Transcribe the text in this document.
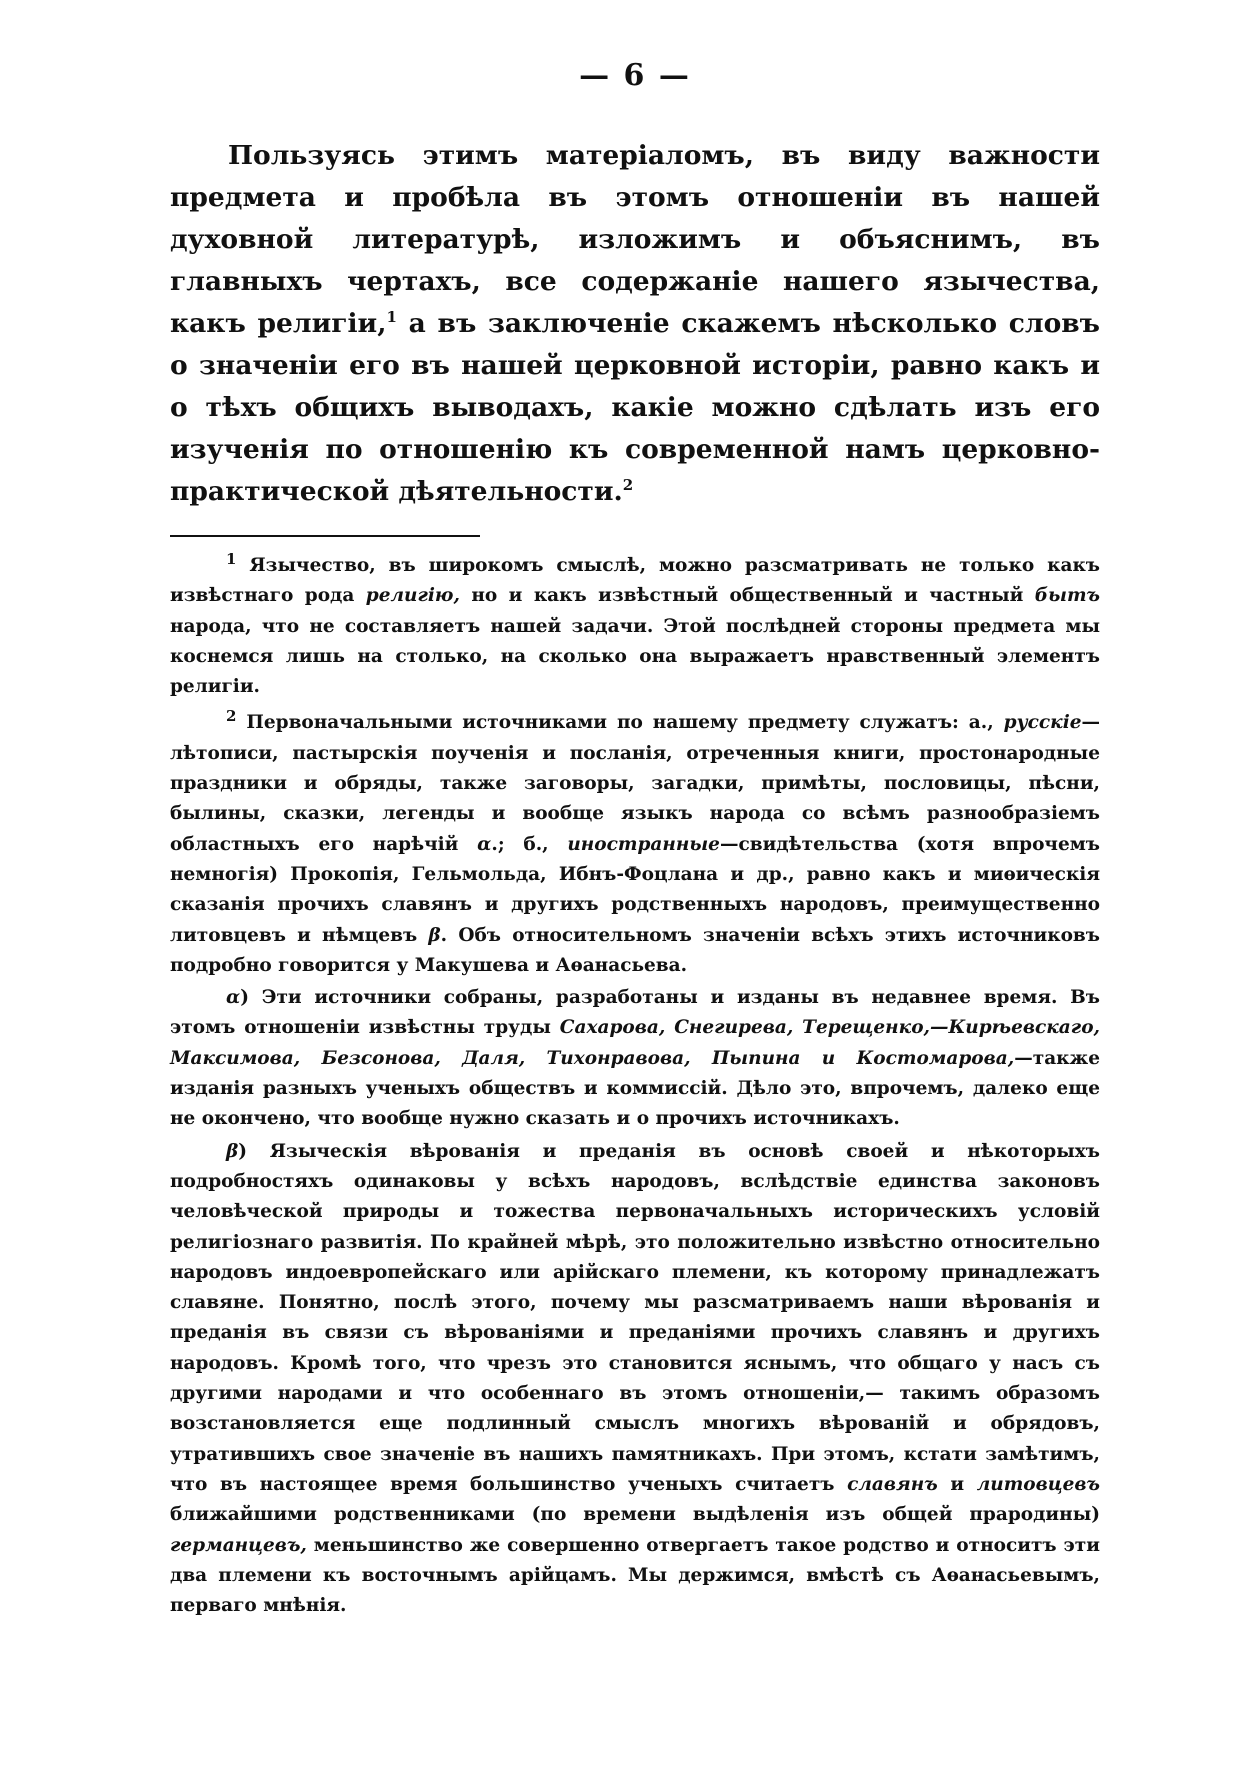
— 6 —

Пользуясь этимъ матеріаломъ, въ виду важности предмета и пробѣла въ этомъ отношеніи въ нашей духовной литературѣ, изложимъ и объяснимъ, въ главныхъ чертахъ, все содержаніе нашего язычества, какъ религіи,$^1$ а въ заключеніе скажемъ нѣсколько словъ о значеніи его въ нашей церковной исторіи, равно какъ и о тѣхъ общихъ выводахъ, какіе можно сдѣлать изъ его изученія по отношенію къ современной намъ церковно-практической дѣятельности.$^2$

$^1$ Язычество, въ широкомъ смыслѣ, можно разсматривать не только какъ извѣстнаго рода религію, но и какъ извѣстный общественный и частный бытъ народа, что не составляетъ нашей задачи. Этой послѣдней стороны предмета мы коснемся лишь на столько, на сколько она выражаетъ нравственный элементъ религіи.

$^2$ Первоначальными источниками по нашему предмету служатъ: а., русскіе—лѣтописи, пастырскія поученія и посланія, отреченныя книги, простонародные праздники и обряды, также заговоры, загадки, примѣты, пословицы, пѣсни, былины, сказки, легенды и вообще языкъ народа со всѣмъ разнообразіемъ областныхъ его нарѣчій α.; б., иностранные—свидѣтельства (хотя впрочемъ немногія) Прокопія, Гельмольда, Ибнъ-Фоцлана и др., равно какъ и миѳическія сказанія прочихъ славянъ и другихъ родственныхъ народовъ, преимущественно литовцевъ и нѣмцевъ β. Объ относительномъ значеніи всѣхъ этихъ источниковъ подробно говорится у Макушева и Аѳанасьева.

α) Эти источники собраны, разработаны и изданы въ недавнее время. Въ этомъ отношеніи извѣстны труды Сахарова, Снегирева, Терещенко,—Кирѣевскаго, Максимова, Безсонова, Даля, Тихонравова, Пыпина и Костомарова,—также изданія разныхъ ученыхъ обществъ и коммиссій. Дѣло это, впрочемъ, далеко еще не окончено, что вообще нужно сказать и о прочихъ источникахъ.

β) Языческія вѣрованія и преданія въ основѣ своей и нѣкоторыхъ подробностяхъ одинаковы у всѣхъ народовъ, вслѣдствіе единства законовъ человѣческой природы и тожества первоначальныхъ историческихъ условій религіознаго развитія. По крайней мѣрѣ, это положительно извѣстно относительно народовъ индоевропейскаго или арійскаго племени, къ которому принадлежатъ славяне. Понятно, послѣ этого, почему мы разсматриваемъ наши вѣрованія и преданія въ связи съ вѣрованіями и преданіями прочихъ славянъ и другихъ народовъ. Кромѣ того, что чрезъ это становится яснымъ, что общаго у насъ съ другими народами и что особеннаго въ этомъ отношеніи,— такимъ образомъ возстановляется еще подлинный смыслъ многихъ вѣрованій и обрядовъ, утратившихъ свое значеніе въ нашихъ памятникахъ. При этомъ, кстати замѣтимъ, что въ настоящее время большинство ученыхъ считаетъ славянъ и литовцевъ ближайшими родственниками (по времени выдѣленія изъ общей прародины) германцевъ, меньшинство же совершенно отвергаетъ такое родство и относитъ эти два племени къ восточнымъ арійцамъ. Мы держимся, вмѣстѣ съ Аѳанасьевымъ, перваго мнѣнія.
